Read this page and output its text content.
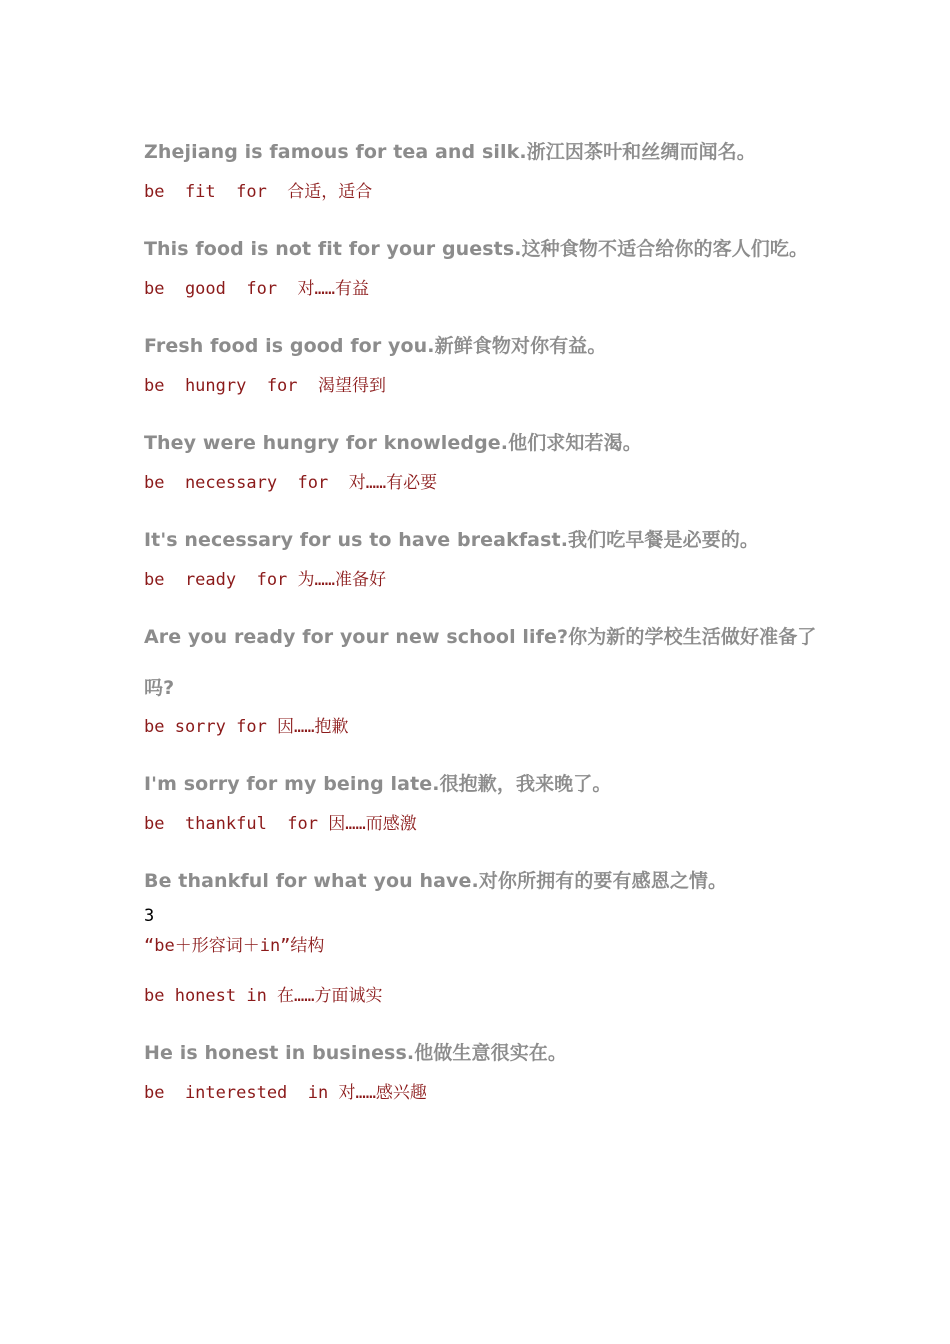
Zhejiang is famous for tea and silk.浙江因茶叶和丝绸而闻名。

be  fit  for  合适，适合

This food is not fit for your guests.这种食物不适合给你的客人们吃。

be  good  for  对……有益

Fresh food is good for you.新鲜食物对你有益。

be  hungry  for  渴望得到

They were hungry for knowledge.他们求知若渴。

be  necessary  for  对……有必要

It's necessary for us to have breakfast.我们吃早餐是必要的。

be  ready  for 为……准备好

Are you ready for your new school life?你为新的学校生活做好准备了

吗?

be sorry for 因……抱歉

I'm sorry for my being late.很抱歉，我来晚了。

be  thankful  for 因……而感激

Be thankful for what you have.对你所拥有的要有感恩之情。

3

“be＋形容词＋in”结构

be honest in 在……方面诚实

He is honest in business.他做生意很实在。

be  interested  in 对……感兴趣
